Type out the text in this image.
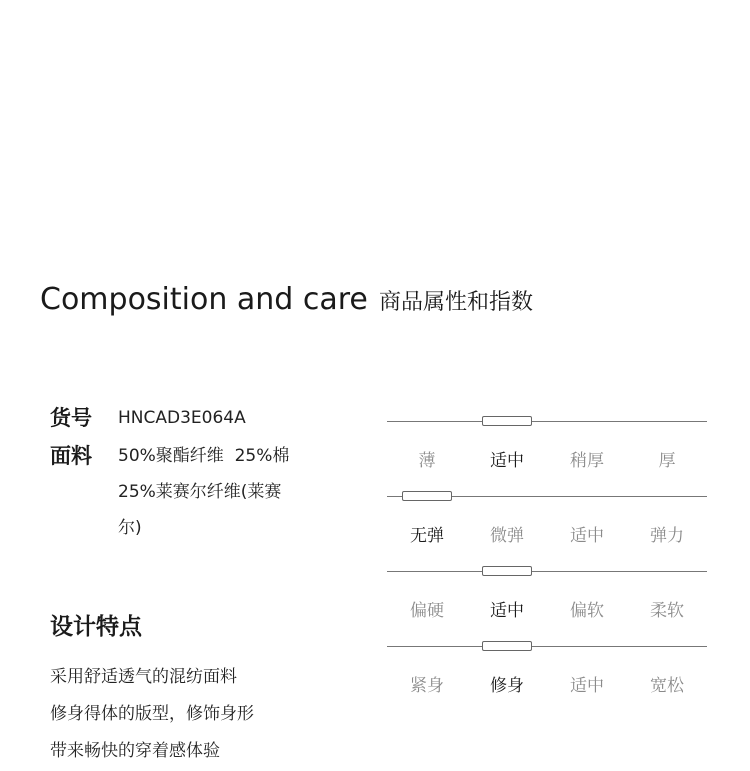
Composition and care 商品属性和指数
货号 HNCAD3E064A
面料 50%聚酯纤维  25%棉
25%莱赛尔纤维(莱赛
尔)
设计特点
采用舒适透气的混纺面料
修身得体的版型，修饰身形
带来畅快的穿着感体验
薄	适中	稍厚	厚
无弹	微弹	适中	弹力
偏硬	适中	偏软	柔软
紧身	修身	适中	宽松
